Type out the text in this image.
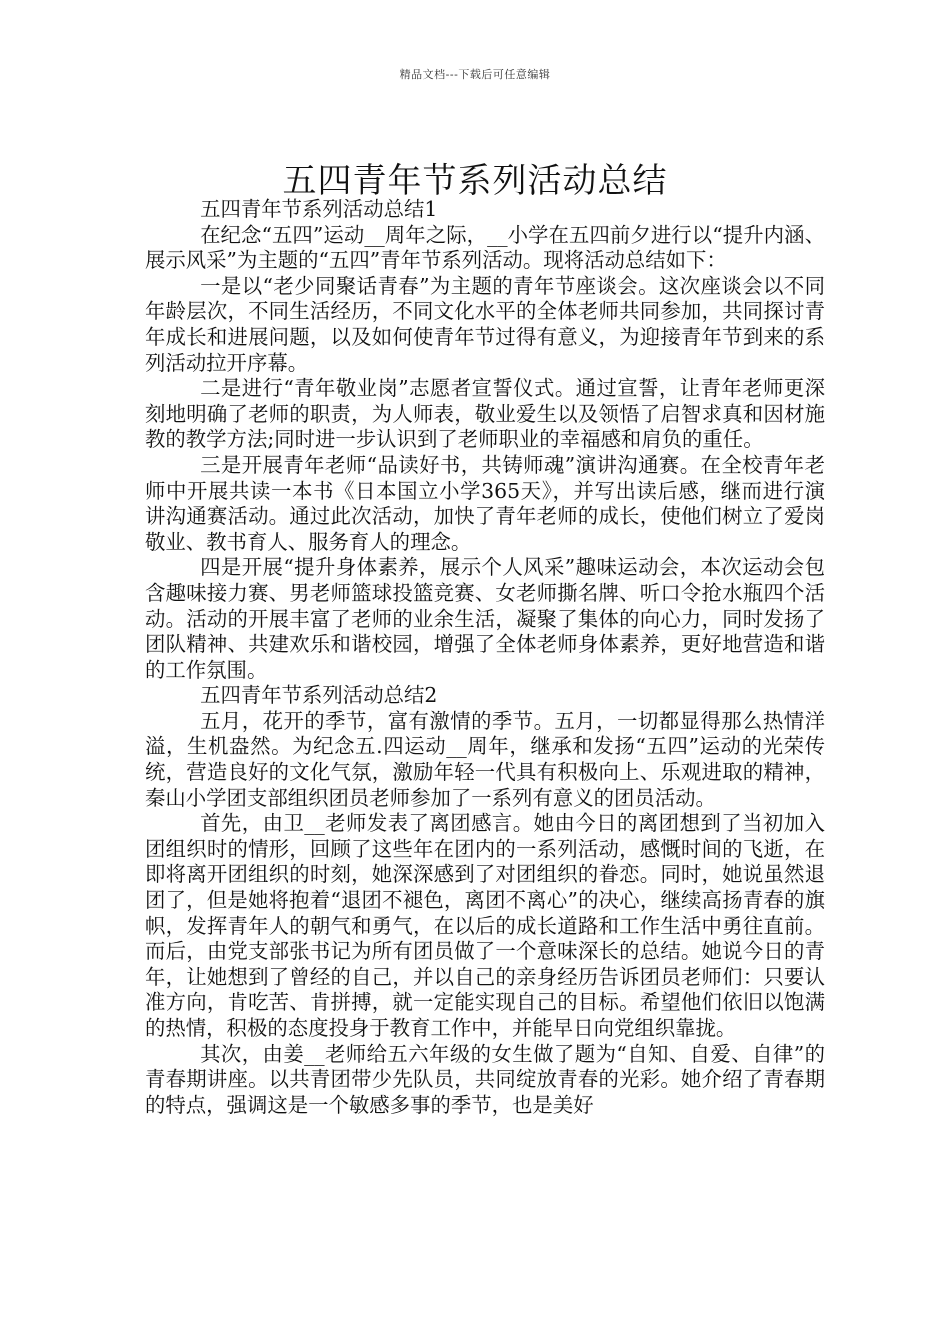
精品文档---下载后可任意编辑
五四青年节系列活动总结

五四青年节系列活动总结1

在纪念“五四”运动__周年之际，__小学在五四前夕进行以“提升内涵、展示风采”为主题的“五四”青年节系列活动。现将活动总结如下：

一是以“老少同聚话青春”为主题的青年节座谈会。这次座谈会以不同年龄层次，不同生活经历，不同文化水平的全体老师共同参加，共同探讨青年成长和进展问题，以及如何使青年节过得有意义，为迎接青年节到来的系列活动拉开序幕。

二是进行“青年敬业岗”志愿者宣誓仪式。通过宣誓，让青年老师更深刻地明确了老师的职责，为人师表，敬业爱生以及领悟了启智求真和因材施教的教学方法;同时进一步认识到了老师职业的幸福感和肩负的重任。

三是开展青年老师“品读好书，共铸师魂”演讲沟通赛。在全校青年老师中开展共读一本书《日本国立小学365天》，并写出读后感，继而进行演讲沟通赛活动。通过此次活动，加快了青年老师的成长，使他们树立了爱岗敬业、教书育人、服务育人的理念。

四是开展“提升身体素养，展示个人风采”趣味运动会，本次运动会包含趣味接力赛、男老师篮球投篮竞赛、女老师撕名牌、听口令抢水瓶四个活动。活动的开展丰富了老师的业余生活，凝聚了集体的向心力，同时发扬了团队精神、共建欢乐和谐校园，增强了全体老师身体素养，更好地营造和谐的工作氛围。

五四青年节系列活动总结2

五月，花开的季节，富有激情的季节。五月，一切都显得那么热情洋溢，生机盎然。为纪念五.四运动__周年，继承和发扬“五四”运动的光荣传统，营造良好的文化气氛，激励年轻一代具有积极向上、乐观进取的精神，秦山小学团支部组织团员老师参加了一系列有意义的团员活动。

首先，由卫__老师发表了离团感言。她由今日的离团想到了当初加入团组织时的情形，回顾了这些年在团内的一系列活动，感慨时间的飞逝，在即将离开团组织的时刻，她深深感到了对团组织的眷恋。同时，她说虽然退团了，但是她将抱着“退团不褪色，离团不离心”的决心，继续高扬青春的旗帜，发挥青年人的朝气和勇气，在以后的成长道路和工作生活中勇往直前。而后，由党支部张书记为所有团员做了一个意味深长的总结。她说今日的青年，让她想到了曾经的自己，并以自己的亲身经历告诉团员老师们：只要认准方向，肯吃苦、肯拼搏，就一定能实现自己的目标。希望他们依旧以饱满的热情，积极的态度投身于教育工作中，并能早日向党组织靠拢。

其次，由姜__老师给五六年级的女生做了题为“自知、自爱、自律”的青春期讲座。以共青团带少先队员，共同绽放青春的光彩。她介绍了青春期的特点，强调这是一个敏感多事的季节，也是美好
